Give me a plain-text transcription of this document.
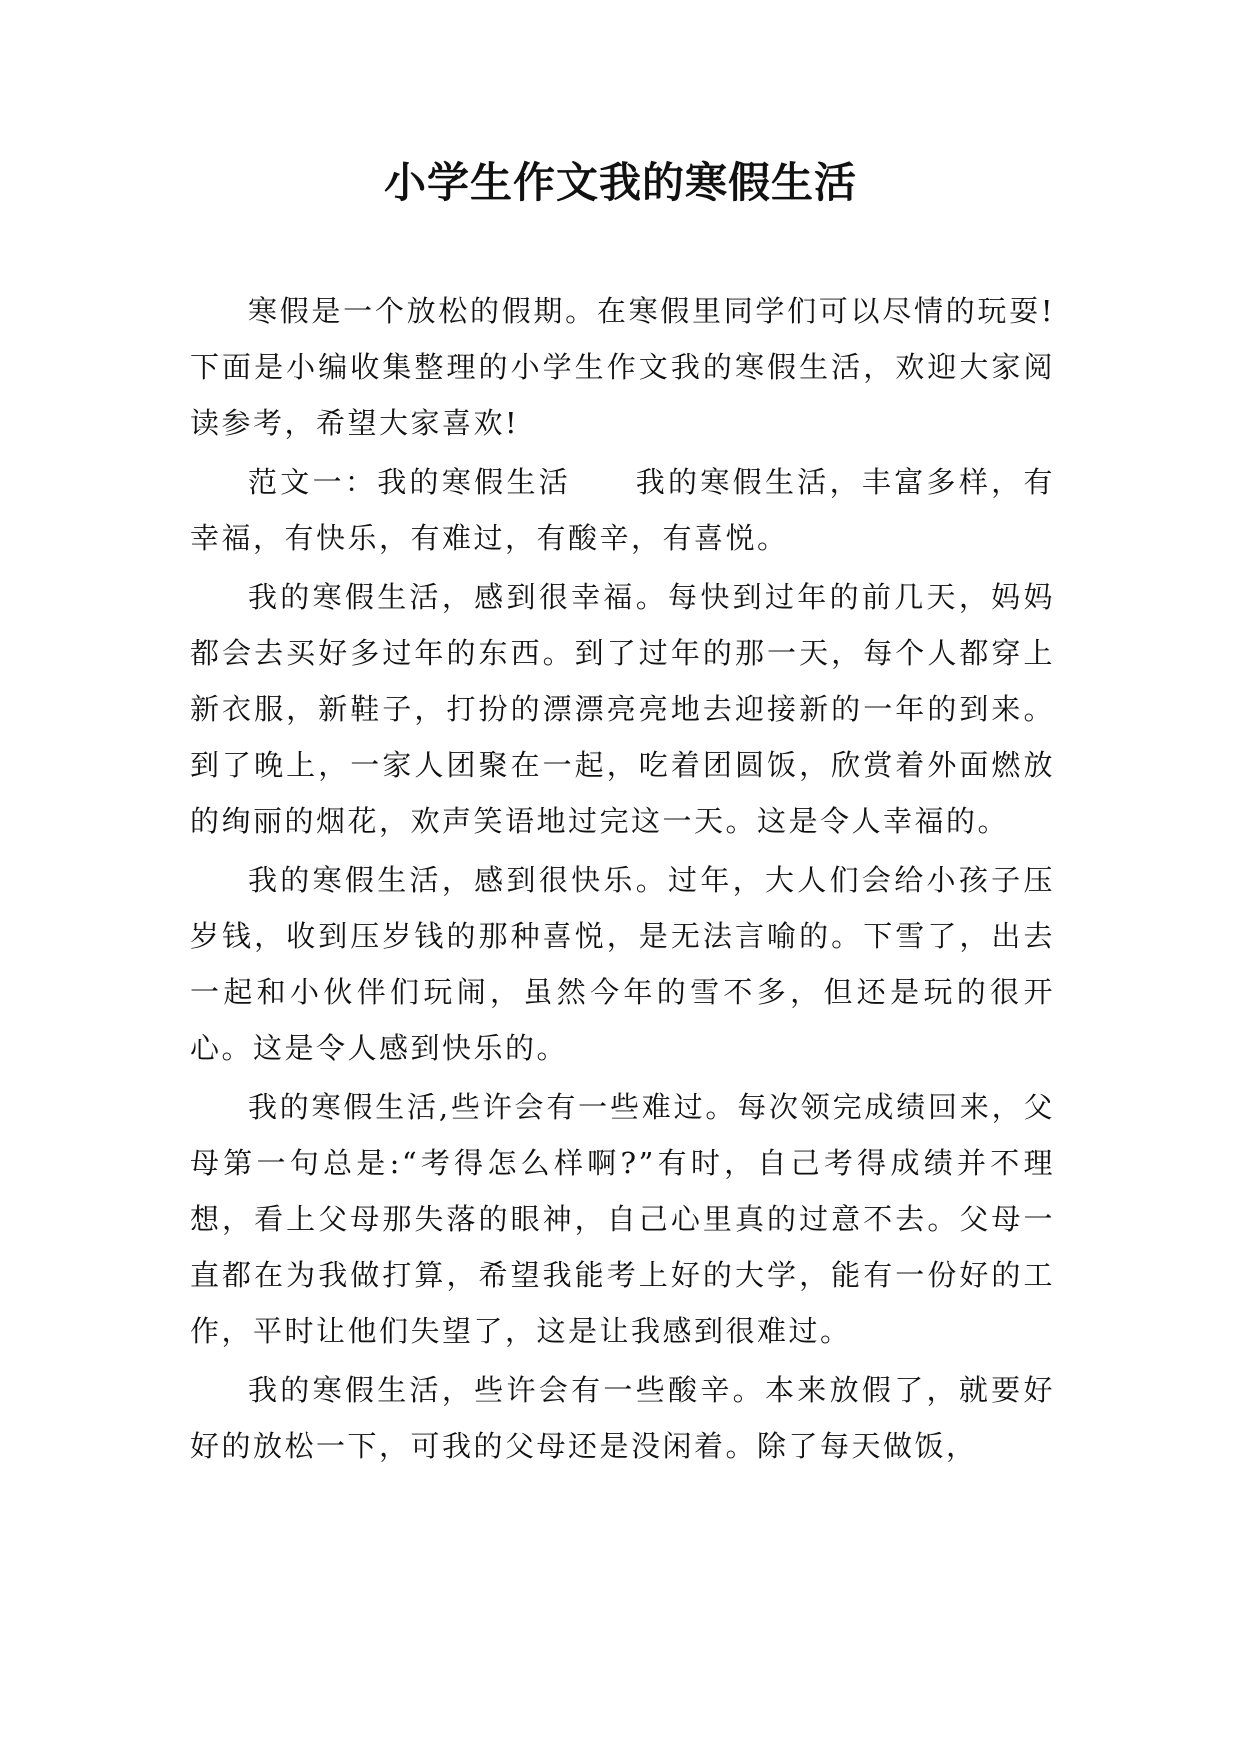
小学生作文我的寒假生活

寒假是一个放松的假期。在寒假里同学们可以尽情的玩耍!下面是小编收集整理的小学生作文我的寒假生活，欢迎大家阅读参考，希望大家喜欢!

范文一：我的寒假生活　　我的寒假生活，丰富多样，有幸福，有快乐，有难过，有酸辛，有喜悦。

我的寒假生活，感到很幸福。每快到过年的前几天，妈妈都会去买好多过年的东西。到了过年的那一天，每个人都穿上新衣服，新鞋子，打扮的漂漂亮亮地去迎接新的一年的到来。到了晚上，一家人团聚在一起，吃着团圆饭，欣赏着外面燃放的绚丽的烟花，欢声笑语地过完这一天。这是令人幸福的。

我的寒假生活，感到很快乐。过年，大人们会给小孩子压岁钱，收到压岁钱的那种喜悦，是无法言喻的。下雪了，出去一起和小伙伴们玩闹，虽然今年的雪不多，但还是玩的很开心。这是令人感到快乐的。

我的寒假生活,些许会有一些难过。每次领完成绩回来，父母第一句总是:“考得怎么样啊?”有时，自己考得成绩并不理想，看上父母那失落的眼神，自己心里真的过意不去。父母一直都在为我做打算，希望我能考上好的大学，能有一份好的工作，平时让他们失望了，这是让我感到很难过。

我的寒假生活，些许会有一些酸辛。本来放假了，就要好好的放松一下，可我的父母还是没闲着。除了每天做饭，
